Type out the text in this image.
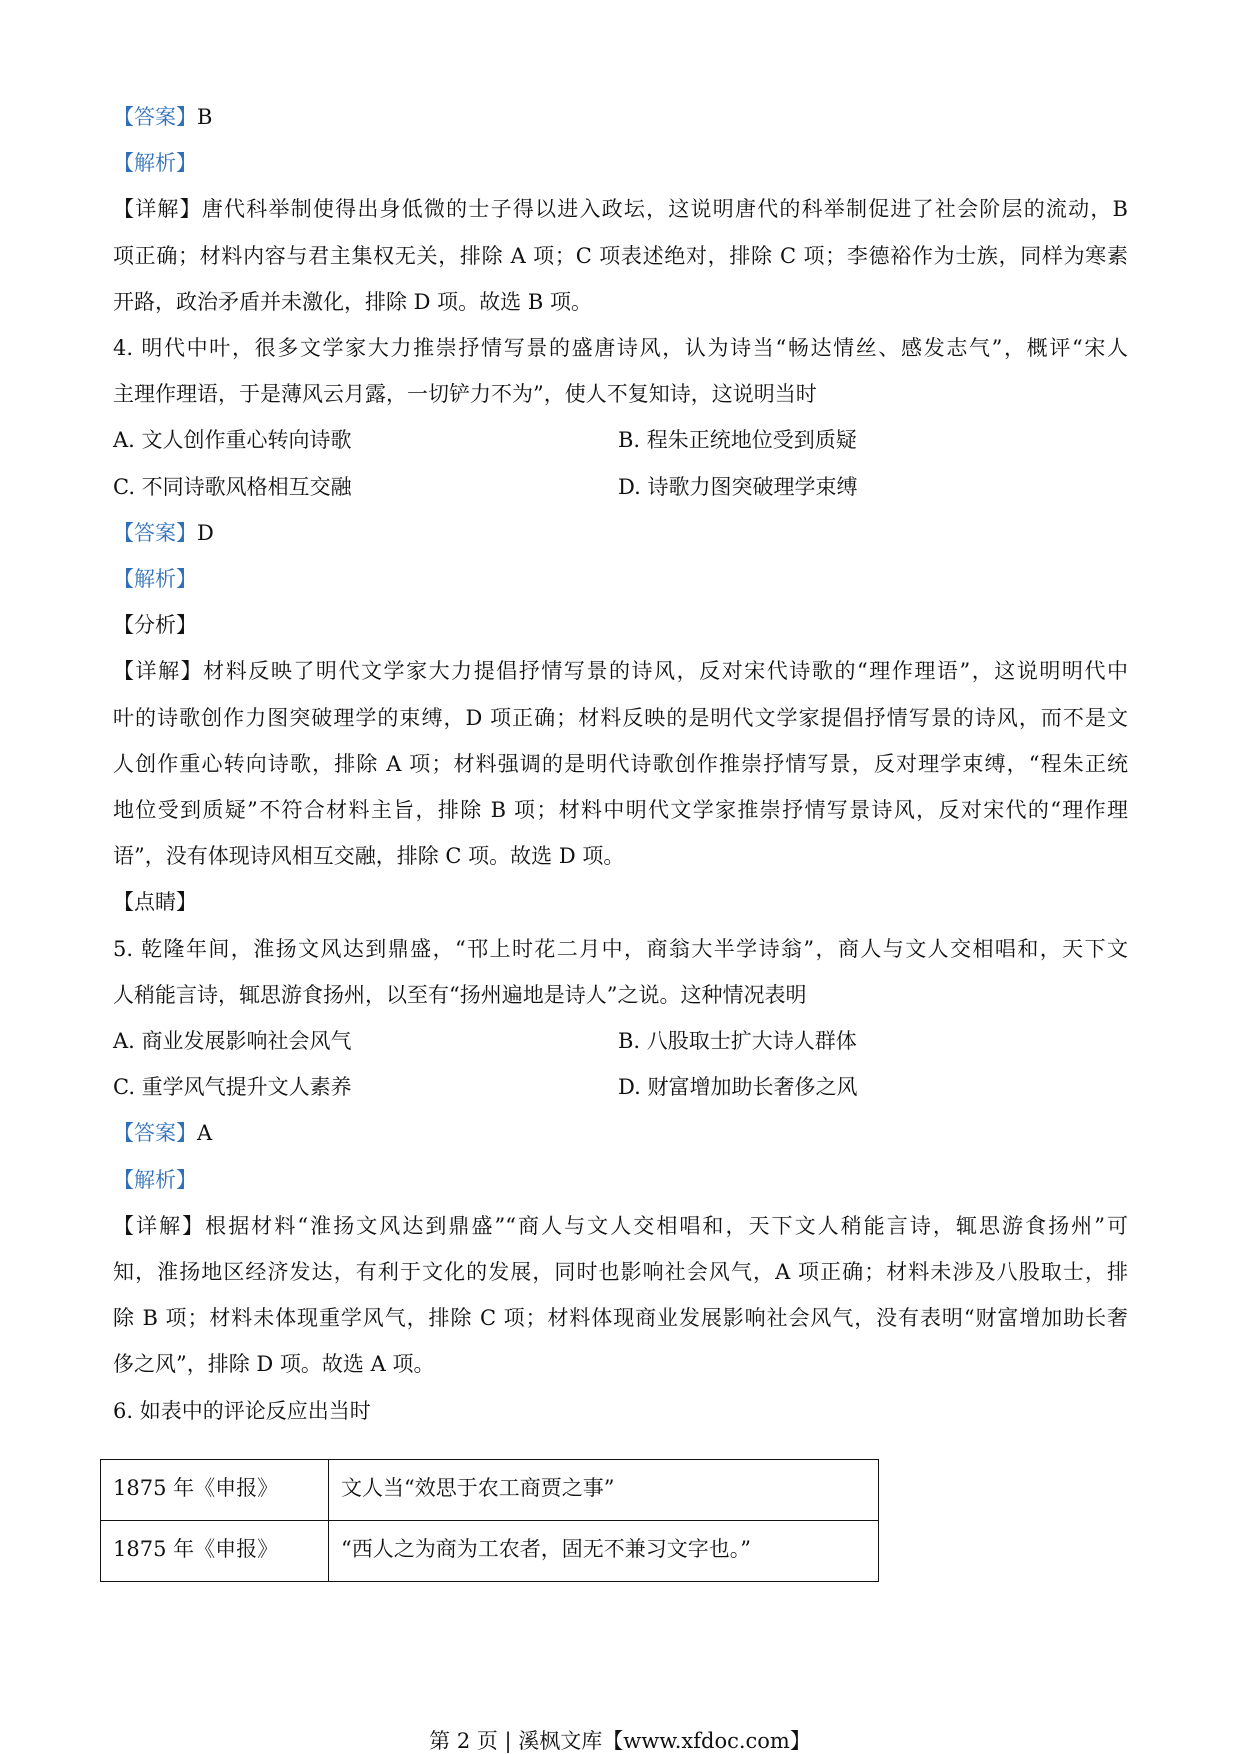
【答案】B
【解析】
【详解】唐代科举制使得出身低微的士子得以进入政坛，这说明唐代的科举制促进了社会阶层的流动，B
项正确；材料内容与君主集权无关，排除 A 项；C 项表述绝对，排除 C 项；李德裕作为士族，同样为寒素
开路，政治矛盾并未激化，排除 D 项。故选 B 项。
4. 明代中叶，很多文学家大力推崇抒情写景的盛唐诗风，认为诗当“畅达情丝、感发志气”，概评“宋人
主理作理语，于是薄风云月露，一切铲力不为”，使人不复知诗，这说明当时
A. 文人创作重心转向诗歌	B. 程朱正统地位受到质疑
C. 不同诗歌风格相互交融	D. 诗歌力图突破理学束缚
【答案】D
【解析】
【分析】
【详解】材料反映了明代文学家大力提倡抒情写景的诗风，反对宋代诗歌的“理作理语”，这说明明代中
叶的诗歌创作力图突破理学的束缚，D 项正确；材料反映的是明代文学家提倡抒情写景的诗风，而不是文
人创作重心转向诗歌，排除 A 项；材料强调的是明代诗歌创作推崇抒情写景，反对理学束缚，“程朱正统
地位受到质疑”不符合材料主旨，排除 B 项；材料中明代文学家推崇抒情写景诗风，反对宋代的“理作理
语”，没有体现诗风相互交融，排除 C 项。故选 D 项。
【点睛】
5. 乾隆年间，淮扬文风达到鼎盛，“邗上时花二月中，商翁大半学诗翁”，商人与文人交相唱和，天下文
人稍能言诗，辄思游食扬州，以至有“扬州遍地是诗人”之说。这种情况表明
A. 商业发展影响社会风气	B. 八股取士扩大诗人群体
C. 重学风气提升文人素养	D. 财富增加助长奢侈之风
【答案】A
【解析】
【详解】根据材料“淮扬文风达到鼎盛”“商人与文人交相唱和，天下文人稍能言诗，辄思游食扬州”可
知，淮扬地区经济发达，有利于文化的发展，同时也影响社会风气，A 项正确；材料未涉及八股取士，排
除 B 项；材料未体现重学风气，排除 C 项；材料体现商业发展影响社会风气，没有表明“财富增加助长奢
侈之风”，排除 D 项。故选 A 项。
6. 如表中的评论反应出当时
1875 年《申报》	文人当“效思于农工商贾之事”

1875 年《申报》	“西人之为商为工农者，固无不兼习文字也。”
第 2 页 | 溪枫文库【www.xfdoc.com】
